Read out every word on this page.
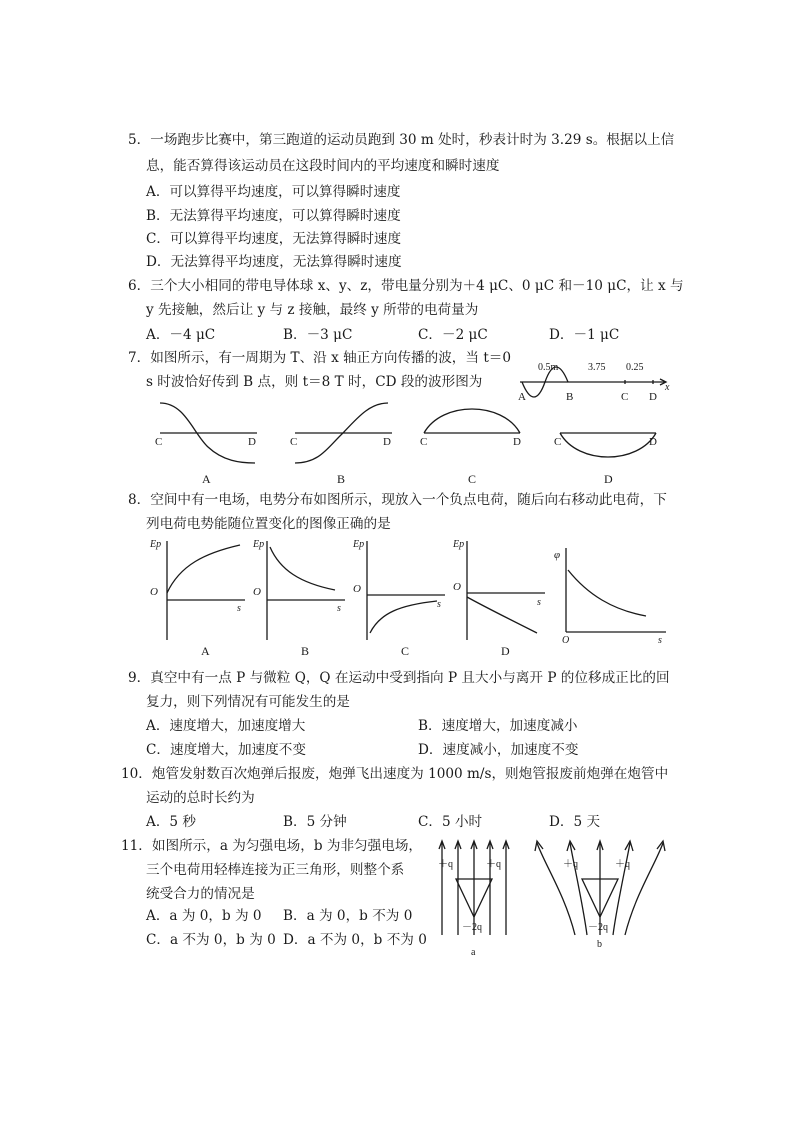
5．一场跑步比赛中，第三跑道的运动员跑到 30 m 处时，秒表计时为 3.29 s。根据以上信
息，能否算得该运动员在这段时间内的平均速度和瞬时速度
A．可以算得平均速度，可以算得瞬时速度
B．无法算得平均速度，可以算得瞬时速度
C．可以算得平均速度，无法算得瞬时速度
D．无法算得平均速度，无法算得瞬时速度
6．三个大小相同的带电导体球 x、y、z，带电量分别为＋4 μC、0 μC 和－10 μC，让 x 与
y 先接触，然后让 y 与 z 接触，最终 y 所带的电荷量为
A．－4 μC	B．－3 μC	C．－2 μC	D．－1 μC
7．如图所示，有一周期为 T、沿 x 轴正方向传播的波，当 t＝0
s 时波恰好传到 B 点，则 t＝8 T 时，CD 段的波形图为
0.5m	3.75 0.25
x
A	B	C D
C	D
A
C	D
B
C	D
C
C	D
D
8．空间中有一电场，电势分布如图所示，现放入一个负点电荷，随后向右移动此电荷，下
列电荷电势能随位置变化的图像正确的是
Ep
O
s
A
Ep
O
s
B
Ep
O
s
C
Ep
O
s
D
φ
O	s
9．真空中有一点 P 与微粒 Q，Q 在运动中受到指向 P 且大小与离开 P 的位移成正比的回
复力，则下列情况有可能发生的是
A．速度增大，加速度增大	B．速度增大，加速度减小
C．速度增大，加速度不变	D．速度减小，加速度不变
10．炮管发射数百次炮弹后报废，炮弹飞出速度为 1000 m/s，则炮管报废前炮弹在炮管中
运动的总时长约为
A．5 秒	B．5 分钟	C．5 小时	D．5 天
11．如图所示，a 为匀强电场，b 为非匀强电场，
三个电荷用轻棒连接为正三角形，则整个系
统受合力的情况是
A．a 为 0，b 为 0 B．a 为 0，b 不为 0
C．a 不为 0，b 为 0 D．a 不为 0，b 不为 0
＋q	＋q
－2q
a
＋q	＋q
－2q
b
